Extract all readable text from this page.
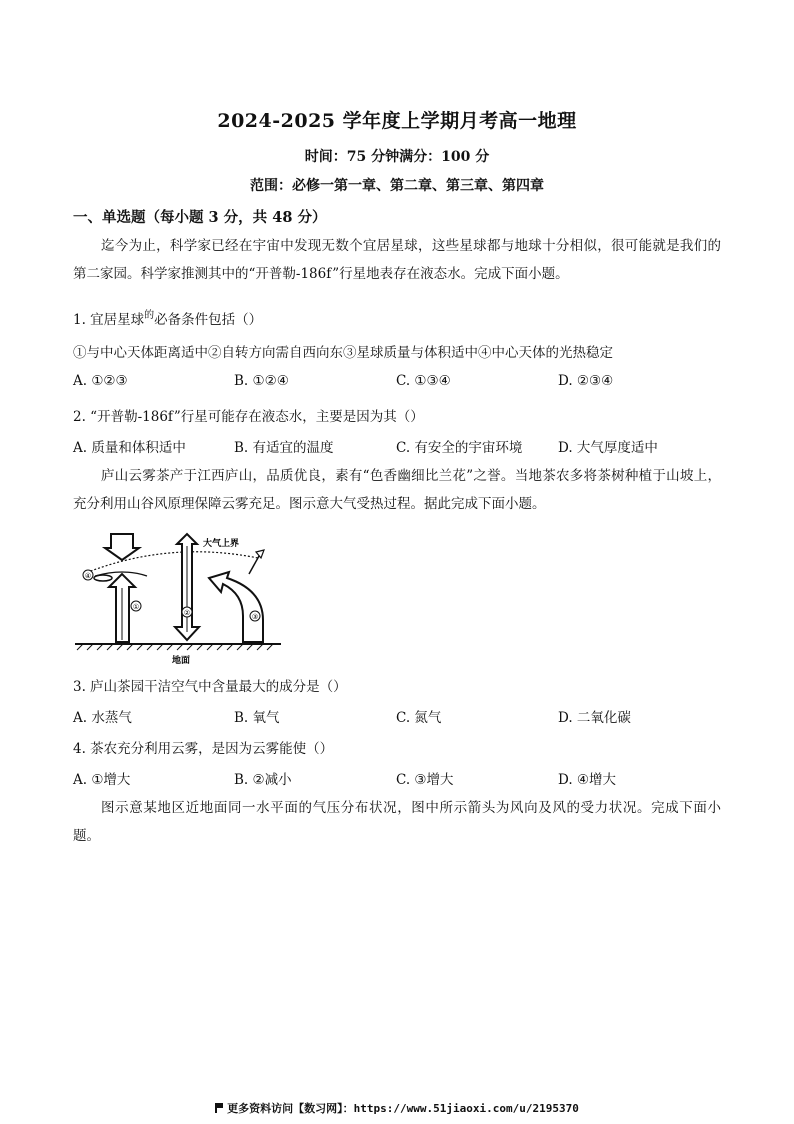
2024-2025 学年度上学期月考高一地理
时间：75 分钟满分：100 分
范围：必修一第一章、第二章、第三章、第四章
一、单选题（每小题 3 分，共 48 分）
迄今为止，科学家已经在宇宙中发现无数个宜居星球，这些星球都与地球十分相似，很可能就是我们的第二家园。科学家推测其中的“开普勒-186f”行星地表存在液态水。完成下面小题。
1. 宜居星球$^的$必备条件包括（）
①与中心天体距离适中②自转方向需自西向东③星球质量与体积适中④中心天体的光热稳定
A. ①②③	B. ①②④	C. ①③④	D. ②③④
2. “开普勒-186f”行星可能存在液态水，主要是因为其（）
A. 质量和体积适中	B. 有适宜的温度	C. 有安全的宇宙环境	D. 大气厚度适中
庐山云雾茶产于江西庐山，品质优良，素有“色香幽细比兰花”之誉。当地茶农多将茶树种植于山坡上，充分利用山谷风原理保障云雾充足。图示意大气受热过程。据此完成下面小题。
大气上界
①
②	③
④
地面
3. 庐山茶园干洁空气中含量最大的成分是（）
A. 水蒸气	B. 氧气	C. 氮气	D. 二氧化碳
4. 茶农充分利用云雾，是因为云雾能使（）
A. ①增大	B. ②减小	C. ③增大	D. ④增大
图示意某地区近地面同一水平面的气压分布状况，图中所示箭头为风向及风的受力状况。完成下面小题。
更多资料访问【数习网】：https://www.51jiaoxi.com/u/2195370
